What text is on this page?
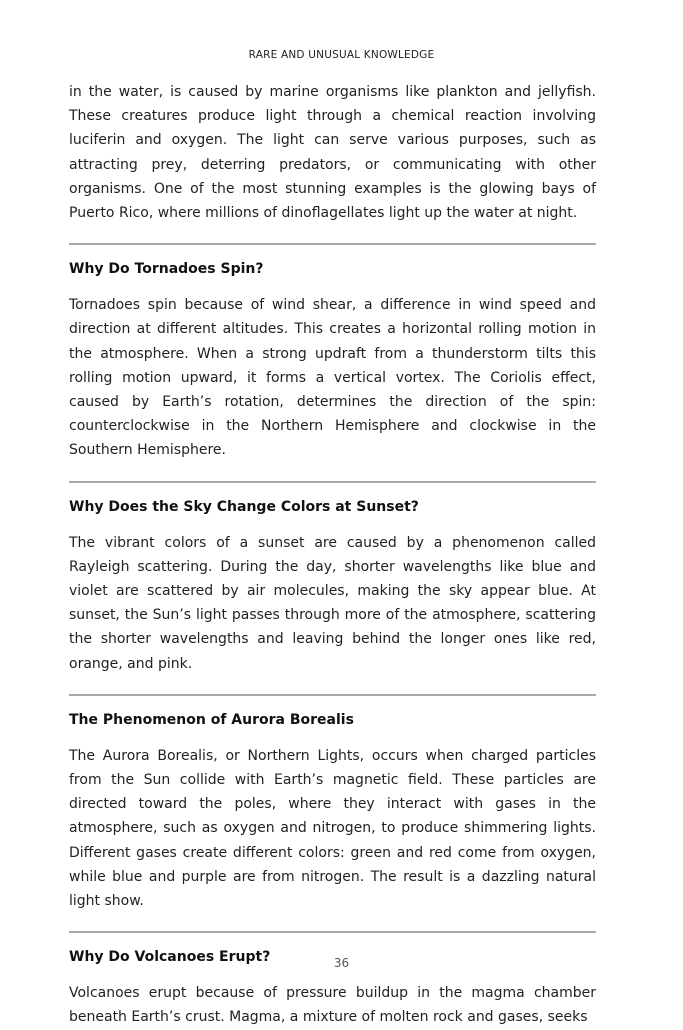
RARE AND UNUSUAL KNOWLEDGE

in the water, is caused by marine organisms like plankton and jellyfish. These creatures produce light through a chemical reaction involving luciferin and oxygen. The light can serve various purposes, such as attracting prey, deterring predators, or communicating with other organisms. One of the most stunning examples is the glowing bays of Puerto Rico, where millions of dinoflagellates light up the water at night.

Why Do Tornadoes Spin?

Tornadoes spin because of wind shear, a difference in wind speed and direction at different altitudes. This creates a horizontal rolling motion in the atmosphere. When a strong updraft from a thunderstorm tilts this rolling motion upward, it forms a vertical vortex. The Coriolis effect, caused by Earth’s rotation, determines the direction of the spin: counterclockwise in the Northern Hemisphere and clockwise in the Southern Hemisphere.

Why Does the Sky Change Colors at Sunset?

The vibrant colors of a sunset are caused by a phenomenon called Rayleigh scattering. During the day, shorter wavelengths like blue and violet are scattered by air molecules, making the sky appear blue. At sunset, the Sun’s light passes through more of the atmosphere, scattering the shorter wavelengths and leaving behind the longer ones like red, orange, and pink.

The Phenomenon of Aurora Borealis

The Aurora Borealis, or Northern Lights, occurs when charged particles from the Sun collide with Earth’s magnetic field. These particles are directed toward the poles, where they interact with gases in the atmosphere, such as oxygen and nitrogen, to produce shimmering lights. Different gases create different colors: green and red come from oxygen, while blue and purple are from nitrogen. The result is a dazzling natural light show.

Why Do Volcanoes Erupt?

Volcanoes erupt because of pressure buildup in the magma chamber beneath Earth’s crust. Magma, a mixture of molten rock and gases, seeks

36
